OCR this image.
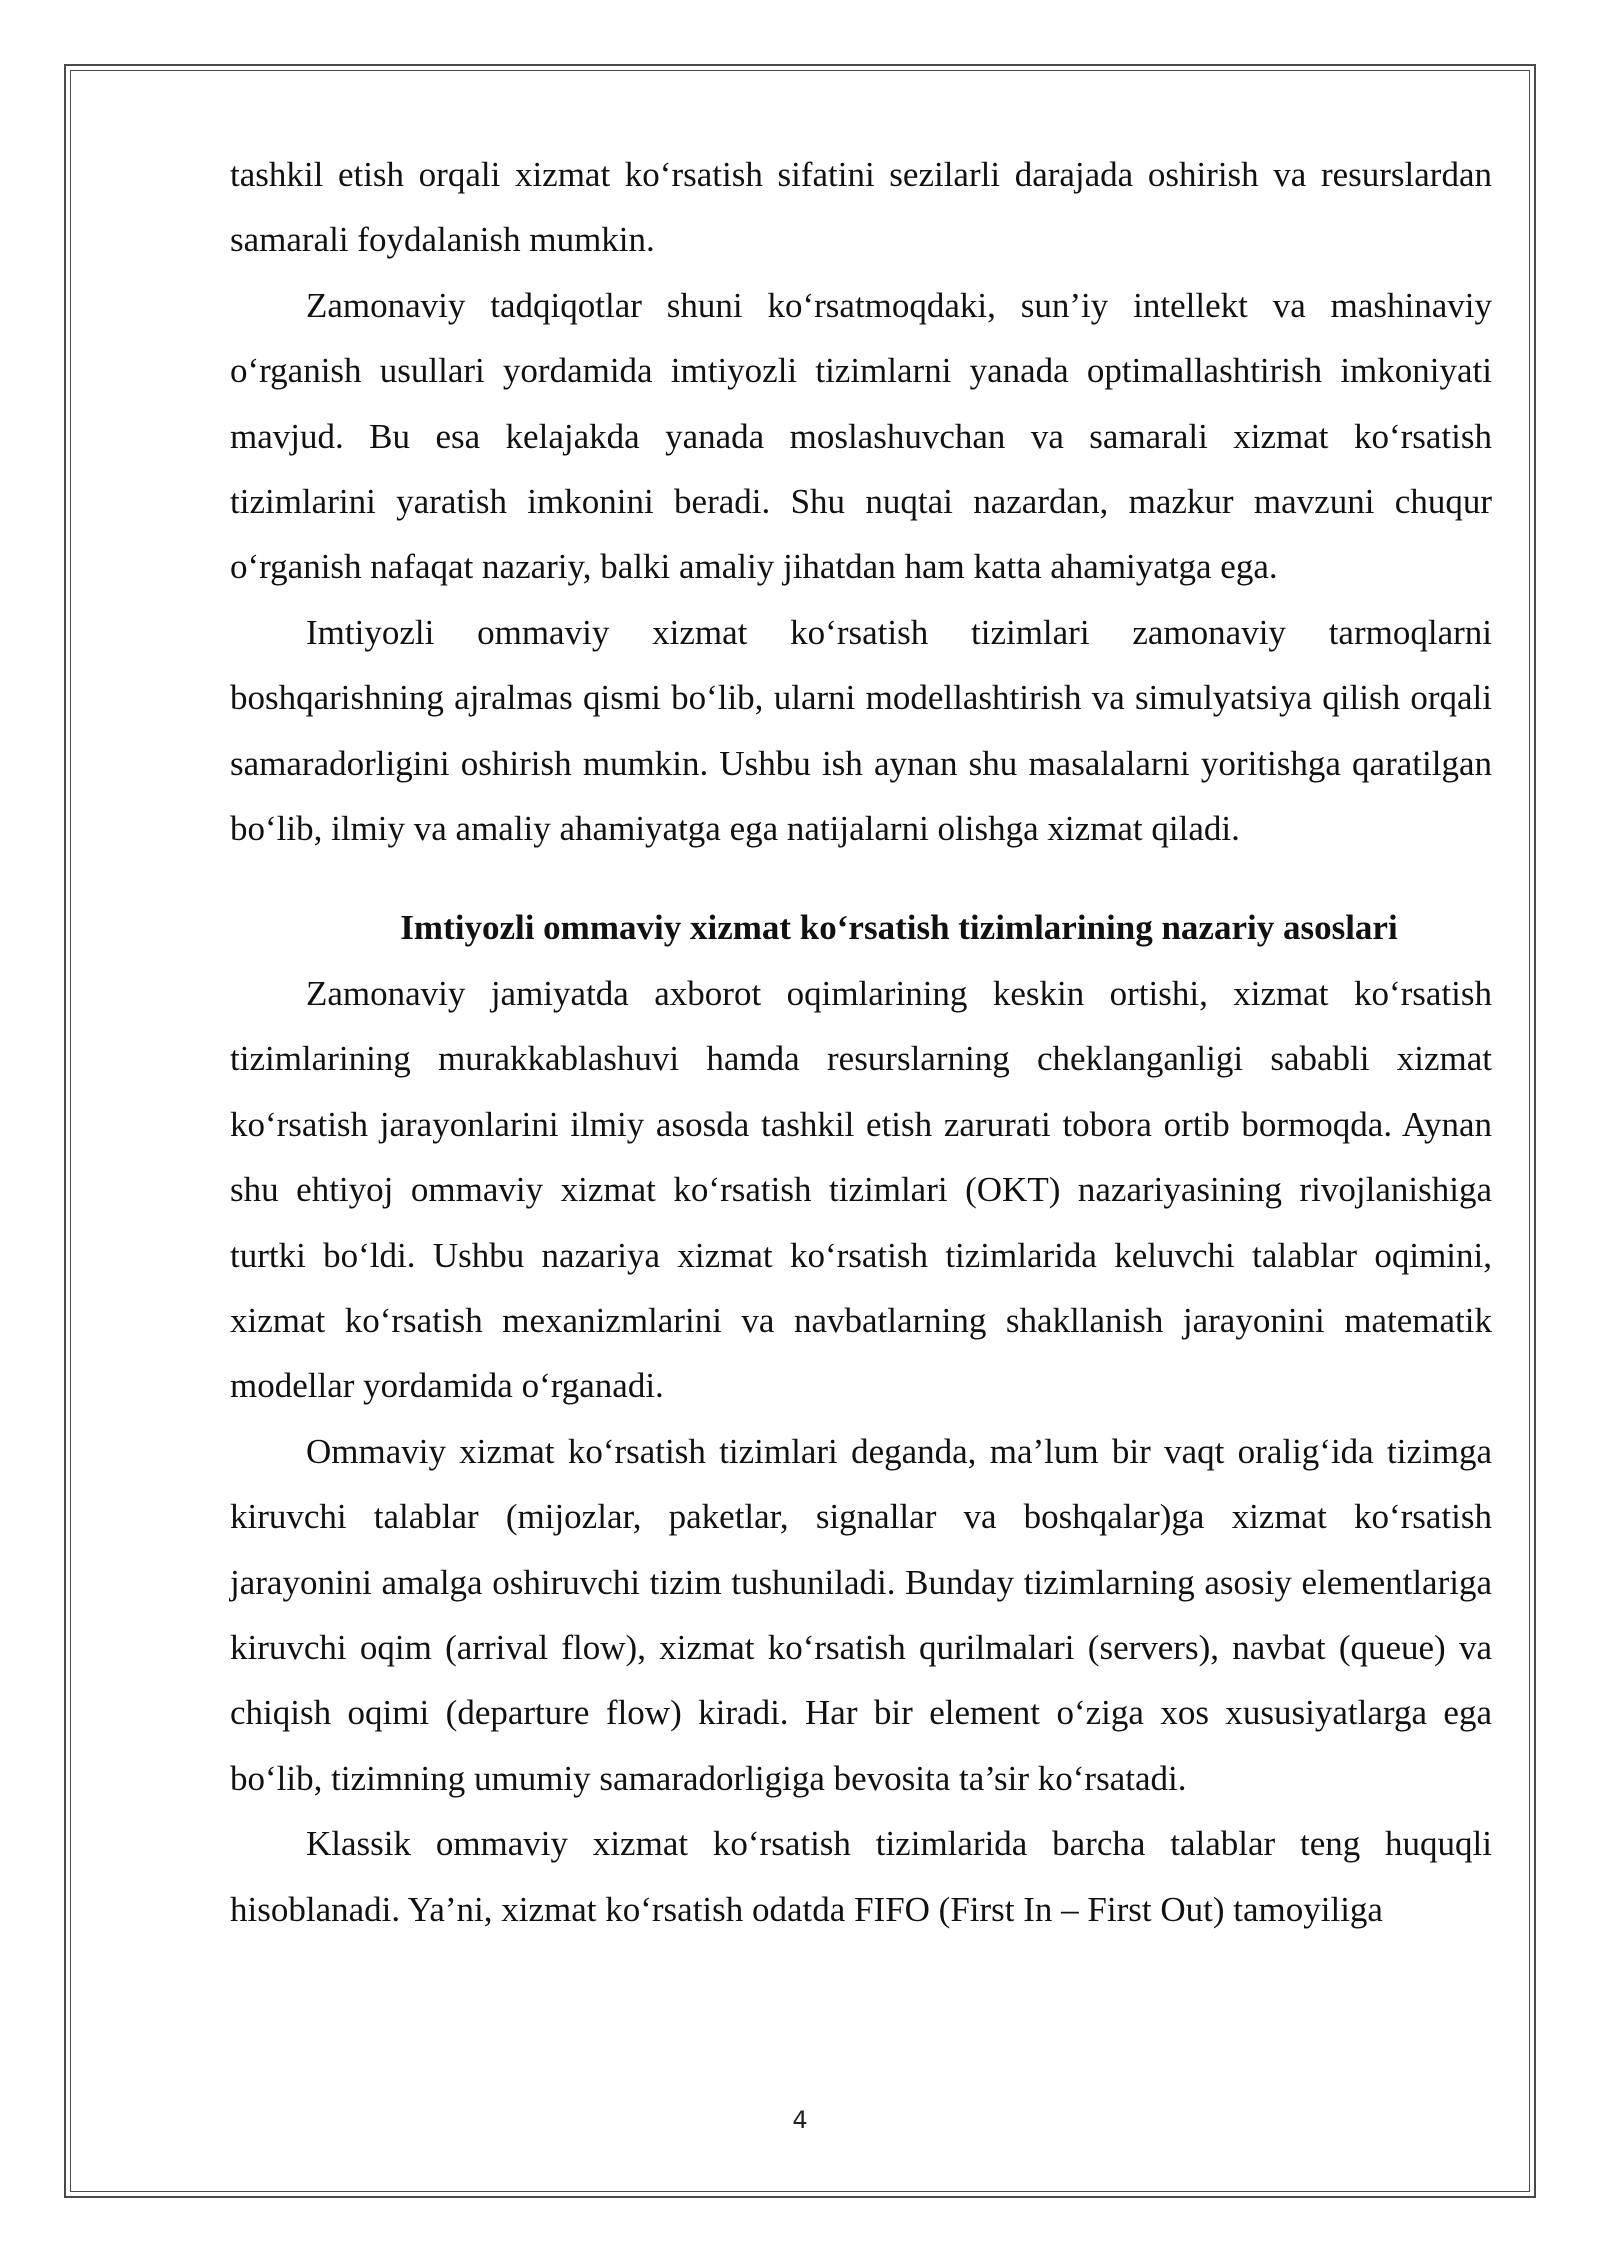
tashkil etish orqali xizmat ko‘rsatish sifatini sezilarli darajada oshirish va resurslardan samarali foydalanish mumkin.

Zamonaviy tadqiqotlar shuni ko‘rsatmoqdaki, sun’iy intellekt va mashinaviy o‘rganish usullari yordamida imtiyozli tizimlarni yanada optimallashtirish imkoniyati mavjud. Bu esa kelajakda yanada moslashuvchan va samarali xizmat ko‘rsatish tizimlarini yaratish imkonini beradi. Shu nuqtai nazardan, mazkur mavzuni chuqur o‘rganish nafaqat nazariy, balki amaliy jihatdan ham katta ahamiyatga ega.

Imtiyozli ommaviy xizmat ko‘rsatish tizimlari zamonaviy tarmoqlarni boshqarishning ajralmas qismi bo‘lib, ularni modellashtirish va simulyatsiya qilish orqali samaradorligini oshirish mumkin. Ushbu ish aynan shu masalalarni yoritishga qaratilgan bo‘lib, ilmiy va amaliy ahamiyatga ega natijalarni olishga xizmat qiladi.

Imtiyozli ommaviy xizmat ko‘rsatish tizimlarining nazariy asoslari

Zamonaviy jamiyatda axborot oqimlarining keskin ortishi, xizmat ko‘rsatish tizimlarining murakkablashuvi hamda resurslarning cheklanganligi sababli xizmat ko‘rsatish jarayonlarini ilmiy asosda tashkil etish zarurati tobora ortib bormoqda. Aynan shu ehtiyoj ommaviy xizmat ko‘rsatish tizimlari (OKT) nazariyasining rivojlanishiga turtki bo‘ldi. Ushbu nazariya xizmat ko‘rsatish tizimlarida keluvchi talablar oqimini, xizmat ko‘rsatish mexanizmlarini va navbatlarning shakllanish jarayonini matematik modellar yordamida o‘rganadi.

Ommaviy xizmat ko‘rsatish tizimlari deganda, ma’lum bir vaqt oralig‘ida tizimga kiruvchi talablar (mijozlar, paketlar, signallar va boshqalar)ga xizmat ko‘rsatish jarayonini amalga oshiruvchi tizim tushuniladi. Bunday tizimlarning asosiy elementlariga kiruvchi oqim (arrival flow), xizmat ko‘rsatish qurilmalari (servers), navbat (queue) va chiqish oqimi (departure flow) kiradi. Har bir element o‘ziga xos xususiyatlarga ega bo‘lib, tizimning umumiy samaradorligiga bevosita ta’sir ko‘rsatadi.

Klassik ommaviy xizmat ko‘rsatish tizimlarida barcha talablar teng huquqli hisoblanadi. Ya’ni, xizmat ko‘rsatish odatda FIFO (First In – First Out) tamoyiliga

4
